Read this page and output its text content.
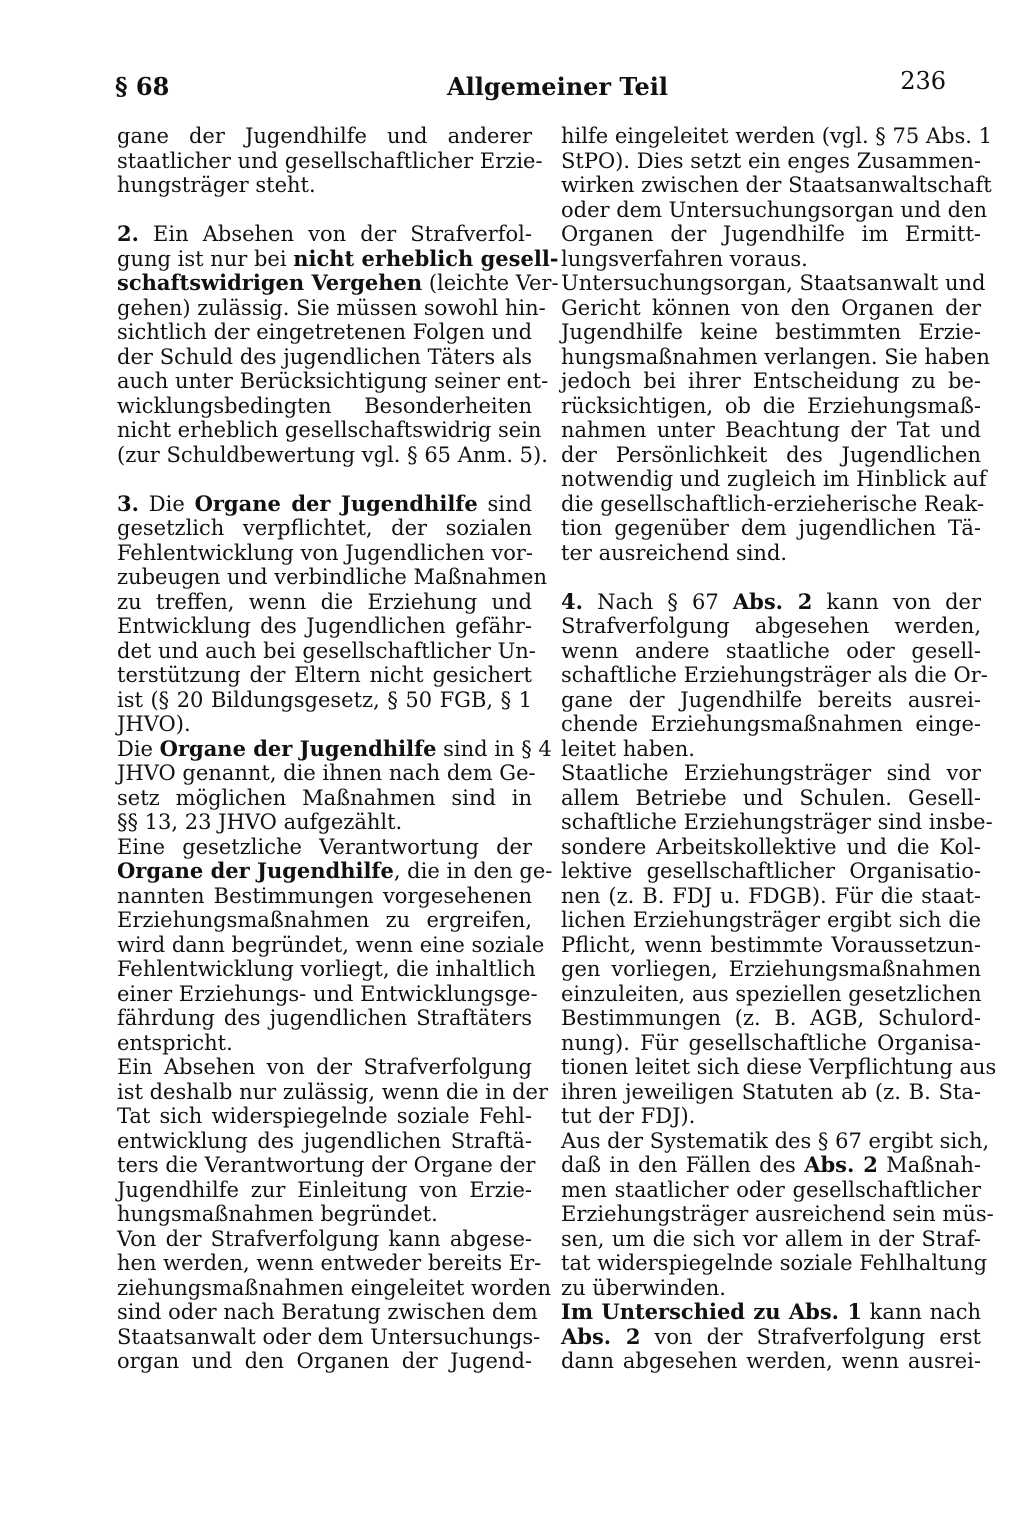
§ 68	Allgemeiner Teil	236
gane der Jugendhilfe und anderer
staatlicher und gesellschaftlicher Erzie-
hungsträger steht.
2. Ein Absehen von der Strafverfol-
gung ist nur bei nicht erheblich gesell-
schaftswidrigen Vergehen (leichte Ver-
gehen) zulässig. Sie müssen sowohl hin-
sichtlich der eingetretenen Folgen und
der Schuld des jugendlichen Täters als
auch unter Berücksichtigung seiner ent-
wicklungsbedingten Besonderheiten
nicht erheblich gesellschaftswidrig sein
(zur Schuldbewertung vgl. § 65 Anm. 5).
3. Die Organe der Jugendhilfe sind
gesetzlich verpflichtet, der sozialen
Fehlentwicklung von Jugendlichen vor-
zubeugen und verbindliche Maßnahmen
zu treffen, wenn die Erziehung und
Entwicklung des Jugendlichen gefähr-
det und auch bei gesellschaftlicher Un-
terstützung der Eltern nicht gesichert
ist (§ 20 Bildungsgesetz, § 50 FGB, § 1
JHVO).
Die Organe der Jugendhilfe sind in § 4
JHVO genannt, die ihnen nach dem Ge-
setz möglichen Maßnahmen sind in
§§ 13, 23 JHVO aufgezählt.
Eine gesetzliche Verantwortung der
Organe der Jugendhilfe, die in den ge-
nannten Bestimmungen vorgesehenen
Erziehungsmaßnahmen zu ergreifen,
wird dann begründet, wenn eine soziale
Fehlentwicklung vorliegt, die inhaltlich
einer Erziehungs- und Entwicklungsge-
fährdung des jugendlichen Straftäters
entspricht.
Ein Absehen von der Strafverfolgung
ist deshalb nur zulässig, wenn die in der
Tat sich widerspiegelnde soziale Fehl-
entwicklung des jugendlichen Straftä-
ters die Verantwortung der Organe der
Jugendhilfe zur Einleitung von Erzie-
hungsmaßnahmen begründet.
Von der Strafverfolgung kann abgese-
hen werden, wenn entweder bereits Er-
ziehungsmaßnahmen eingeleitet worden
sind oder nach Beratung zwischen dem
Staatsanwalt oder dem Untersuchungs-
organ und den Organen der Jugend-
hilfe eingeleitet werden (vgl. § 75 Abs. 1
StPO). Dies setzt ein enges Zusammen-
wirken zwischen der Staatsanwaltschaft
oder dem Untersuchungsorgan und den
Organen der Jugendhilfe im Ermitt-
lungsverfahren voraus.
Untersuchungsorgan, Staatsanwalt und
Gericht können von den Organen der
Jugendhilfe keine bestimmten Erzie-
hungsmaßnahmen verlangen. Sie haben
jedoch bei ihrer Entscheidung zu be-
rücksichtigen, ob die Erziehungsmaß-
nahmen unter Beachtung der Tat und
der Persönlichkeit des Jugendlichen
notwendig und zugleich im Hinblick auf
die gesellschaftlich-erzieherische Reak-
tion gegenüber dem jugendlichen Tä-
ter ausreichend sind.
4. Nach § 67 Abs. 2 kann von der
Strafverfolgung abgesehen werden,
wenn andere staatliche oder gesell-
schaftliche Erziehungsträger als die Or-
gane der Jugendhilfe bereits ausrei-
chende Erziehungsmaßnahmen einge-
leitet haben.
Staatliche Erziehungsträger sind vor
allem Betriebe und Schulen. Gesell-
schaftliche Erziehungsträger sind insbe-
sondere Arbeitskollektive und die Kol-
lektive gesellschaftlicher Organisatio-
nen (z. B. FDJ u. FDGB). Für die staat-
lichen Erziehungsträger ergibt sich die
Pflicht, wenn bestimmte Voraussetzun-
gen vorliegen, Erziehungsmaßnahmen
einzuleiten, aus speziellen gesetzlichen
Bestimmungen (z. B. AGB, Schulord-
nung). Für gesellschaftliche Organisa-
tionen leitet sich diese Verpflichtung aus
ihren jeweiligen Statuten ab (z. B. Sta-
tut der FDJ).
Aus der Systematik des § 67 ergibt sich,
daß in den Fällen des Abs. 2 Maßnah-
men staatlicher oder gesellschaftlicher
Erziehungsträger ausreichend sein müs-
sen, um die sich vor allem in der Straf-
tat widerspiegelnde soziale Fehlhaltung
zu überwinden.
Im Unterschied zu Abs. 1 kann nach
Abs. 2 von der Strafverfolgung erst
dann abgesehen werden, wenn ausrei-
